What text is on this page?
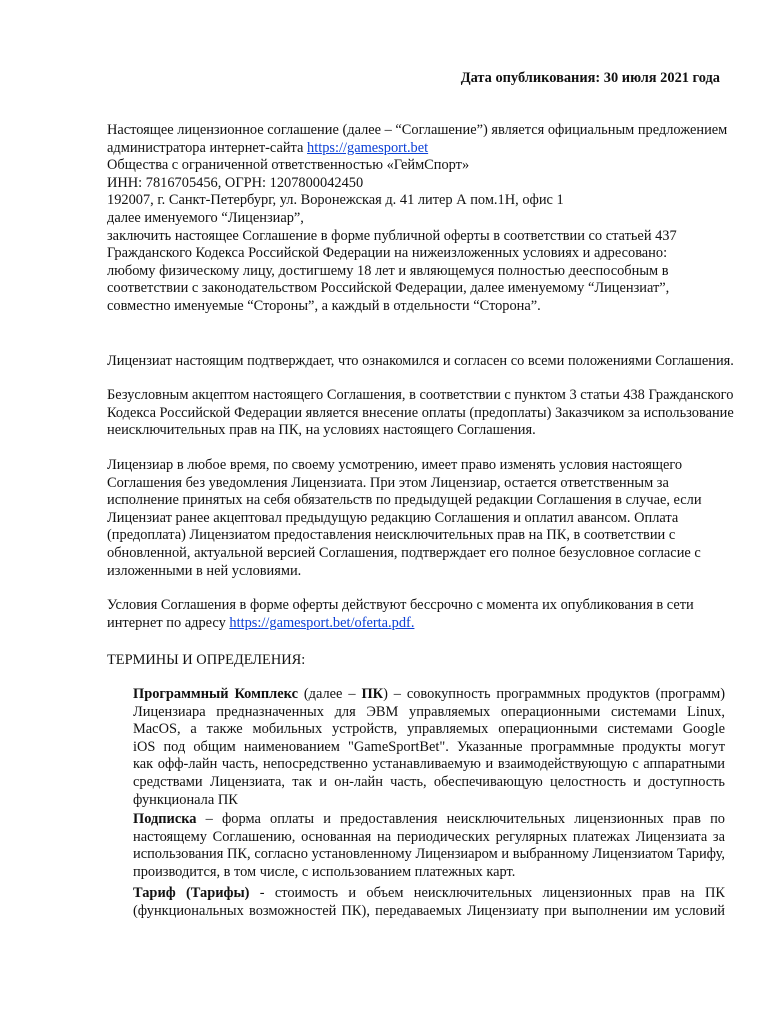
Дата опубликования: 30 июля 2021 года
Настоящее лицензионное соглашение (далее – “Соглашение”) является официальным предложением
администратора интернет-сайта https://gamesport.bet
Общества с ограниченной ответственностью «ГеймСпорт»
ИНН: 7816705456, ОГРН: 1207800042450
192007, г. Санкт-Петербург, ул. Воронежская д. 41 литер А пом.1Н, офис 1
далее именуемого “Лицензиар”,
заключить настоящее Соглашение в форме публичной оферты в соответствии со статьей 437
Гражданского Кодекса Российской Федерации на нижеизложенных условиях и адресовано:
любому физическому лицу, достигшему 18 лет и являющемуся полностью дееспособным в
соответствии с законодательством Российской Федерации, далее именуемому “Лицензиат”,
совместно именуемые “Стороны”, а каждый в отдельности “Сторона”.
Лицензиат настоящим подтверждает, что ознакомился и согласен со всеми положениями Соглашения.
Безусловным акцептом настоящего Соглашения, в соответствии с пунктом 3 статьи 438 Гражданского
Кодекса Российской Федерации является внесение оплаты (предоплаты) Заказчиком за использование
неисключительных прав на ПК, на условиях настоящего Соглашения.
Лицензиар в любое время, по своему усмотрению, имеет право изменять условия настоящего
Соглашения без уведомления Лицензиата. При этом Лицензиар, остается ответственным за
исполнение принятых на себя обязательств по предыдущей редакции Соглашения в случае, если
Лицензиат ранее акцептовал предыдущую редакцию Соглашения и оплатил авансом. Оплата
(предоплата) Лицензиатом предоставления неисключительных прав на ПК, в соответствии с
обновленной, актуальной версией Соглашения, подтверждает его полное безусловное согласие с
изложенными в ней условиями.
Условия Соглашения в форме оферты действуют бессрочно с момента их опубликования в сети
интернет по адресу https://gamesport.bet/oferta.pdf.
ТЕРМИНЫ И ОПРЕДЕЛЕНИЯ:
Программный Комплекс (далее – ПК) – совокупность программных продуктов (программ)
Лицензиара предназначенных для ЭВМ управляемых операционными системами Linux,
MacOS, а также мобильных устройств, управляемых операционными системами Google
iOS под общим наименованием "GameSportBet". Указанные программные продукты могут
как офф-лайн часть, непосредственно устанавливаемую и взаимодействующую с аппаратными
средствами Лицензиата, так и он-лайн часть, обеспечивающую целостность и доступность
функционала ПК
Подписка – форма оплаты и предоставления неисключительных лицензионных прав по
настоящему Соглашению, основанная на периодических регулярных платежах Лицензиата за
использования ПК, согласно установленному Лицензиаром и выбранному Лицензиатом Тарифу,
производится, в том числе, с использованием платежных карт.
Тариф (Тарифы) - стоимость и объем неисключительных лицензионных прав на ПК
(функциональных возможностей ПК), передаваемых Лицензиату при выполнении им условий
